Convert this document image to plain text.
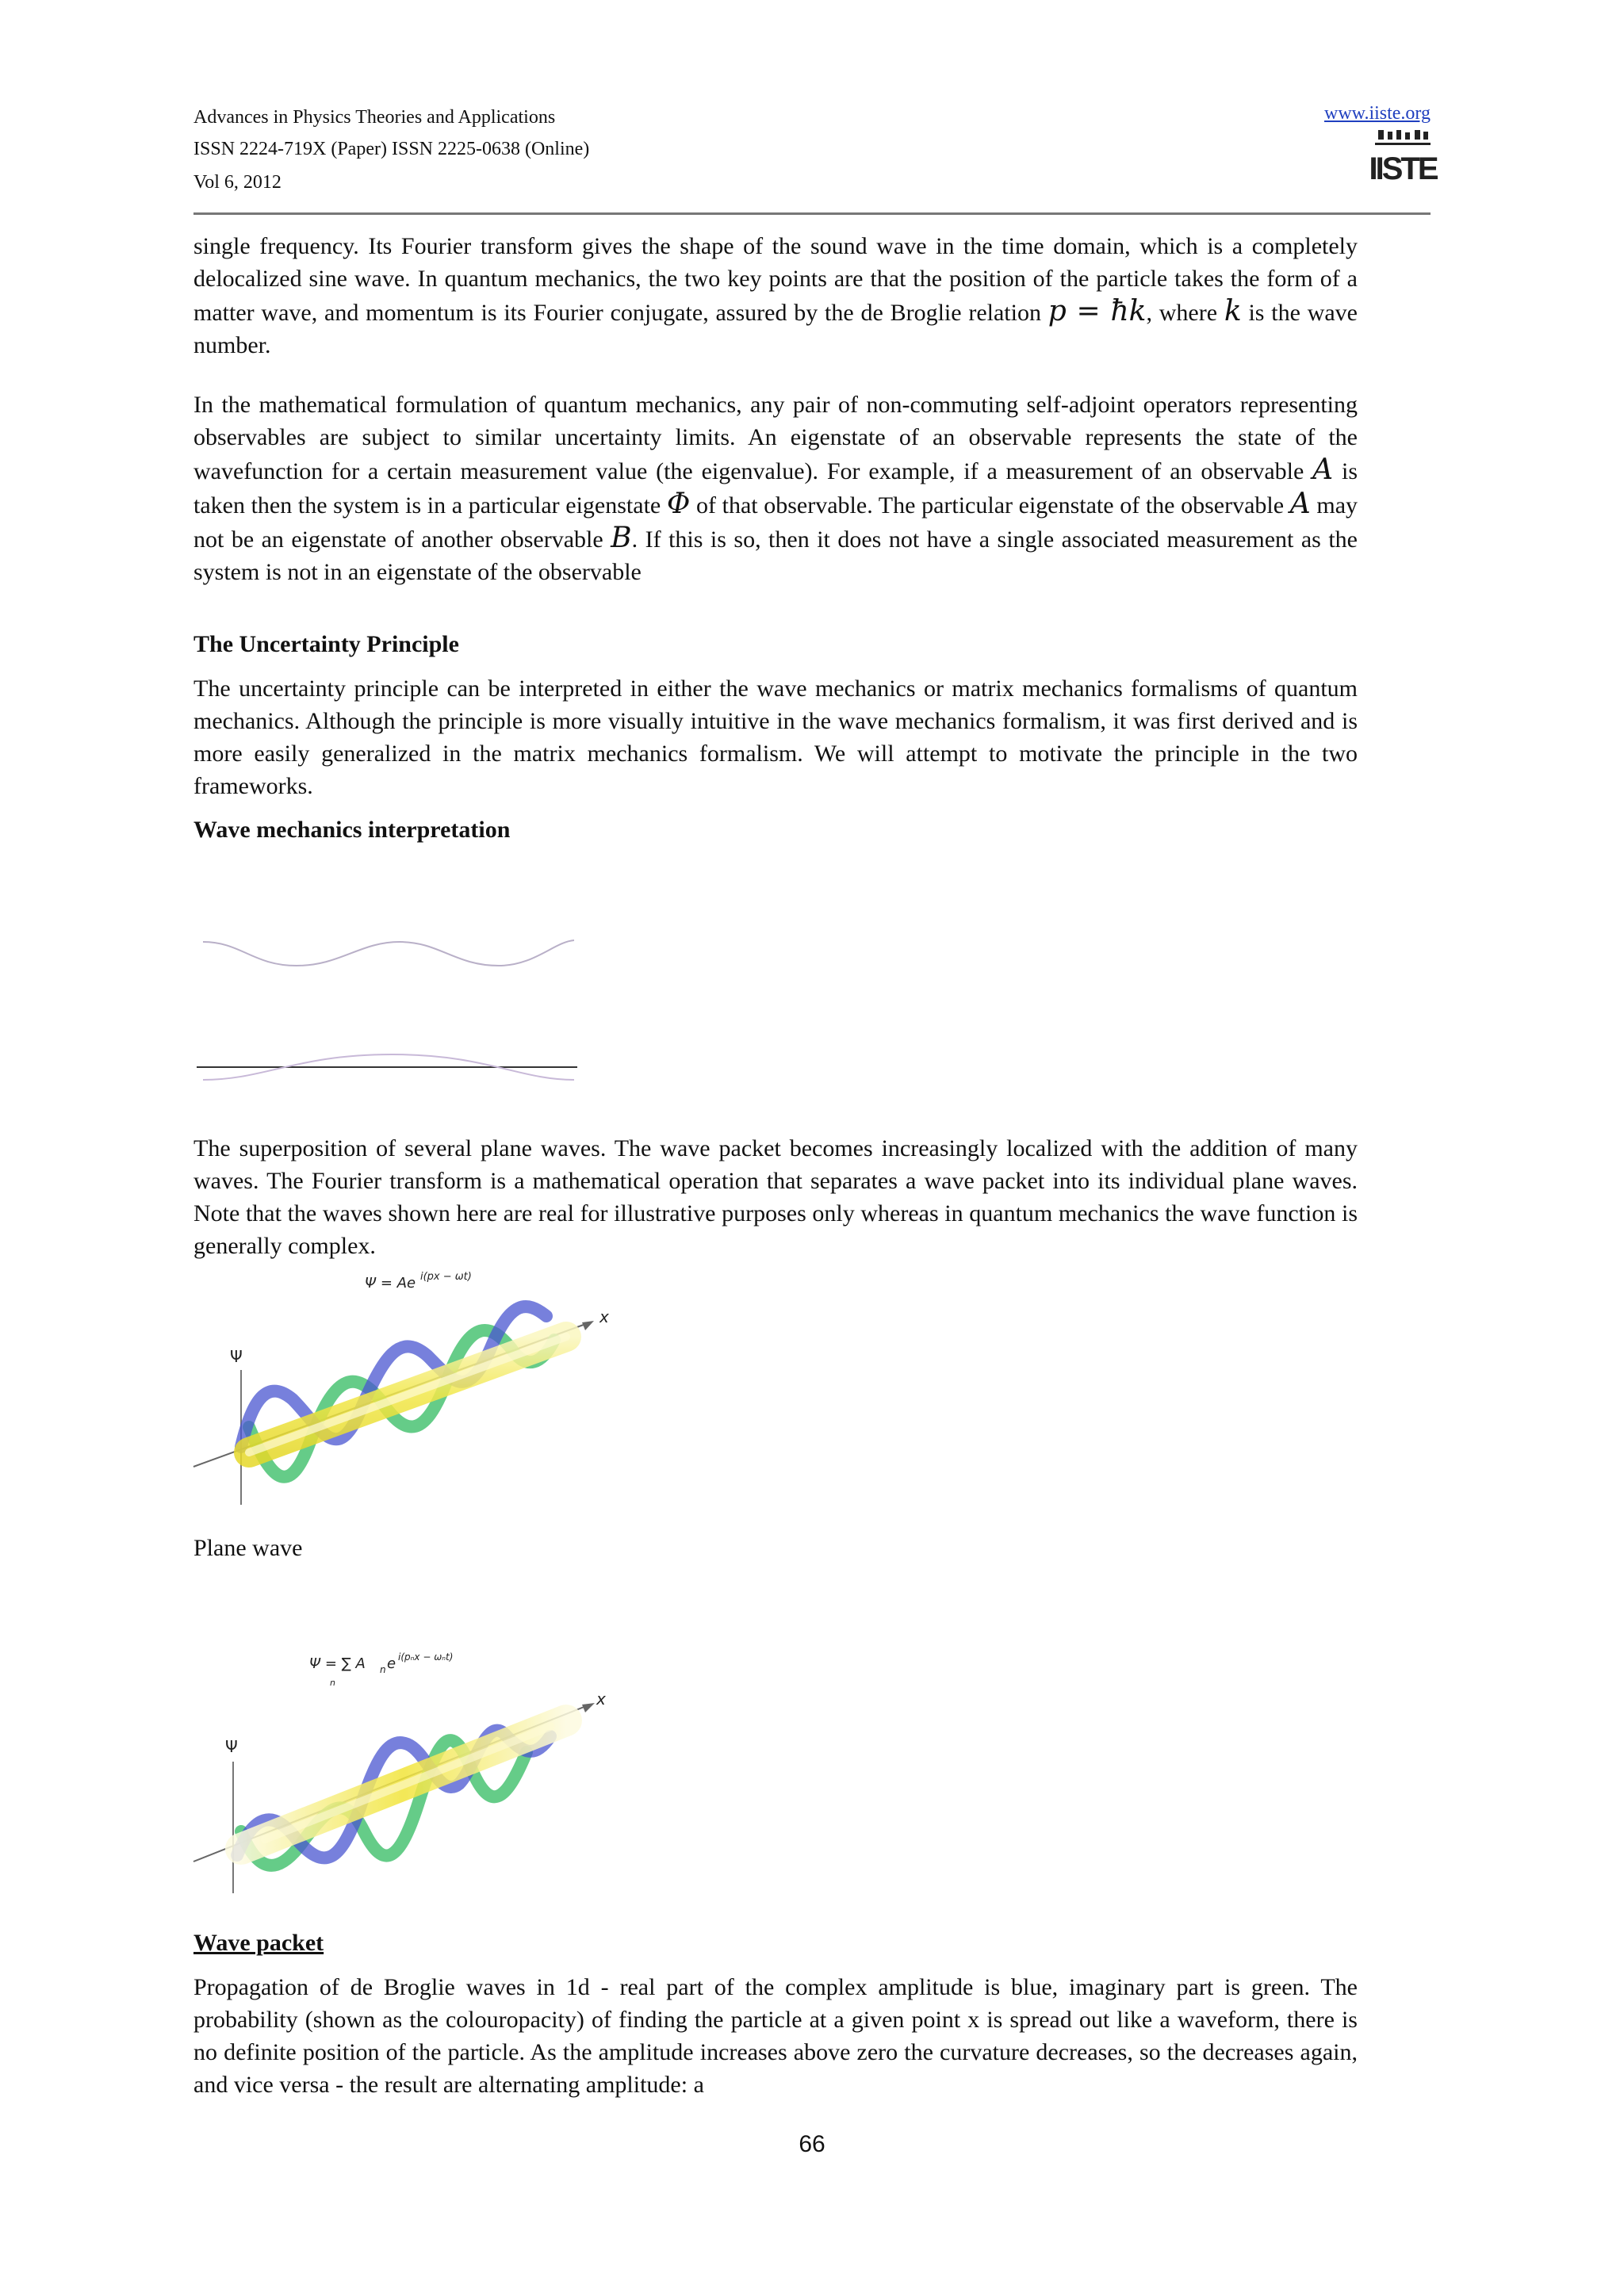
Advances in Physics Theories and Applications
ISSN 2224-719X (Paper) ISSN 2225-0638 (Online)
Vol 6, 2012
www.iiste.org
IISTE
single frequency. Its Fourier transform gives the shape of the sound wave in the time domain, which is a completely delocalized sine wave. In quantum mechanics, the two key points are that the position of the particle takes the form of a matter wave, and momentum is its Fourier conjugate, assured by the de Broglie relation p = ħk, where k is the wave number.
In the mathematical formulation of quantum mechanics, any pair of non-commuting self-adjoint operators representing observables are subject to similar uncertainty limits. An eigenstate of an observable represents the state of the wavefunction for a certain measurement value (the eigenvalue). For example, if a measurement of an observable A is taken then the system is in a particular eigenstate Φ of that observable. The particular eigenstate of the observable A may not be an eigenstate of another observable B. If this is so, then it does not have a single associated measurement as the system is not in an eigenstate of the observable
The Uncertainty Principle
The uncertainty principle can be interpreted in either the wave mechanics or matrix mechanics formalisms of quantum mechanics. Although the principle is more visually intuitive in the wave mechanics formalism, it was first derived and is more easily generalized in the matrix mechanics formalism. We will attempt to motivate the principle in the two frameworks.
Wave mechanics interpretation
The superposition of several plane waves. The wave packet becomes increasingly localized with the addition of many waves. The Fourier transform is a mathematical operation that separates a wave packet into its individual plane waves. Note that the waves shown here are real for illustrative purposes only whereas in quantum mechanics the wave function is generally complex.
Ψ = Ae i(px − ωt)
Ψ
x
Plane wave
Ψ = ∑ A n e i(pₙx − ωₙt)
n
Ψ
x
Wave packet
Propagation of de Broglie waves in 1d - real part of the complex amplitude is blue, imaginary part is green. The probability (shown as the colouropacity) of finding the particle at a given point x is spread out like a waveform, there is no definite position of the particle. As the amplitude increases above zero the curvature decreases, so the decreases again, and vice versa - the result are alternating amplitude: a
66
